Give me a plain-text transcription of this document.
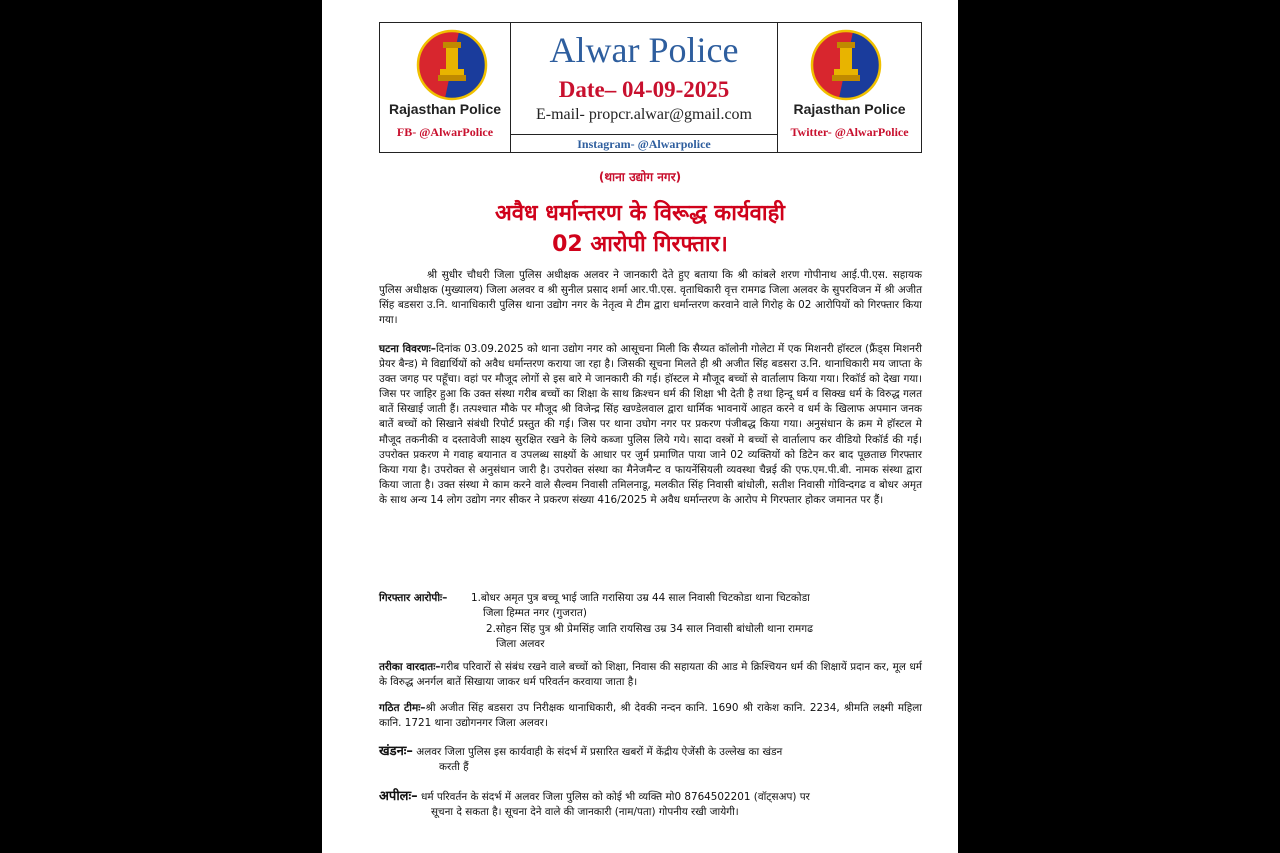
Rajasthan Police
FB- @AlwarPolice
Alwar Police
Date– 04-09-2025
E-mail- propcr.alwar@gmail.com
Instagram- @Alwarpolice
Rajasthan Police
Twitter- @AlwarPolice
(थाना उद्योग नगर)
अवैध धर्मान्तरण के विरूद्ध कार्यवाही
02 आरोपी गिरफ्तार।
श्री सुधीर चौधरी जिला पुलिस अधीक्षक अलवर ने जानकारी देते हुए बताया कि श्री कांबले शरण गोपीनाथ आई.पी.एस. सहायक पुलिस अधीक्षक (मुख्यालय) जिला अलवर व श्री सुनील प्रसाद शर्मा आर.पी.एस. वृताधिकारी वृत्त रामगढ जिला अलवर के सुपरविजन में श्री अजीत सिंह बडसरा उ.नि. थानाधिकारी पुलिस थाना उद्योग नगर के नेतृत्व मे टीम द्वारा धर्मान्तरण करवाने वाले गिरोह के 02 आरोपियों को गिरफ्तार किया गया।
घटना विवरणः–दिनांक 03.09.2025 को थाना उद्योग नगर को आसूचना मिली कि सैय्यत कॉलोनी गोलेटा में एक मिशनरी हॉस्टल (फ्रैंड्स मिशनरी प्रेयर बैन्ड) मे विद्यार्थियों को अवैध धर्मान्तरण कराया जा रहा है। जिसकी सूचना मिलते ही श्री अजीत सिंह बडसरा उ.नि. थानाधिकारी मय जाप्ता के उक्त जगह पर पहूँचा। वहां पर मौजूद लोगों से इस बारे मे जानकारी की गई। हॉस्टल मे मौजूद बच्चों से वार्तालाप किया गया। रिकॉर्ड को देखा गया। जिस पर जाहिर हुआ कि उक्त संस्था गरीब बच्चों का शिक्षा के साथ क्रिश्चन धर्म की शिक्षा भी देती है तथा हिन्दू धर्म व सिक्ख धर्म के विरुद्ध गलत बातें सिखाई जाती हैं। तत्पश्चात मौके पर मौजूद श्री विजेन्द्र सिंह खण्डेलवाल द्वारा धार्मिक भावनायें आहत करने व धर्म के खिलाफ अपमान जनक बातें बच्चों को सिखाने संबंधी रिपोर्ट प्रस्तुत की गई। जिस पर थाना उघोग नगर पर प्रकरण पंजीबद्ध किया गया। अनुसंधान के क्रम मे हॉस्टल मे मौजूद तकनीकी व दस्तावेजी साक्ष्य सुरक्षित रखने के लिये कब्जा पुलिस लिये गये। सादा वस्त्रों मे बच्चों से वार्तालाप कर वीडियो रिकॉर्ड की गई। उपरोक्त प्रकरण मे गवाह बयानात व उपलब्ध साक्ष्यों के आधार पर जुर्म प्रमाणित पाया जाने 02 व्यक्तियों को डिटेन कर बाद पूछताछ गिरफ्तार किया गया है। उपरोक्त से अनुसंधान जारी है। उपरोक्त संस्था का मैनेजमैन्ट व फायनेंसियली व्यवस्था चैन्नई की एफ.एम.पी.बी. नामक संस्था द्वारा किया जाता है। उक्त संस्था मे काम करने वाले सैल्वम निवासी तमिलनाडू, मलकीत सिंह निवासी बांधोली, सतीश निवासी गोविन्दगढ व बोधर अमृत के साथ अन्य 14 लोग उद्योग नगर सीकर ने प्रकरण संख्या 416/2025 मे अवैध धर्मान्तरण के आरोप मे गिरफ्तार होकर जमानत पर हैं।
गिरफ्तार आरोपीः– 1.बोधर अमृत पुत्र बच्चू भाई जाति गरासिया उम्र 44 साल निवासी चिटकोडा थाना चिटकोडा
जिला हिम्मत नगर (गुजरात)
2.सोहन सिंह पुत्र श्री प्रेमसिंह जाति रायसिख उम्र 34 साल निवासी बांधोली थाना रामगढ
जिला अलवर
तरीका वारदातः–गरीब परिवारों से संबंध रखने वाले बच्चों को शिक्षा, निवास की सहायता की आड मे क्रिश्चियन धर्म की शिक्षायें प्रदान कर, मूल धर्म के विरुद्ध अनर्गल बातें सिखाया जाकर धर्म परिवर्तन करवाया जाता है।
गठित टीमः–श्री अजीत सिंह बडसरा उप निरीक्षक थानाधिकारी, श्री देवकी नन्दन कानि. 1690 श्री राकेश कानि. 2234, श्रीमति लक्ष्मी महिला कानि. 1721 थाना उद्योगनगर जिला अलवर।
खंडनः– अलवर जिला पुलिस इस कार्यवाही के संदर्भ में प्रसारित खबरों में केंद्रीय ऐजेंसी के उल्लेख का खंडन
करती हैं
अपीलः– धर्म परिवर्तन के संदर्भ में अलवर जिला पुलिस को कोई भी व्यक्ति मो0 8764502201 (वॉट्सअप) पर
सूचना दे सकता है। सूचना देने वाले की जानकारी (नाम/पता) गोपनीय रखी जायेगी।
